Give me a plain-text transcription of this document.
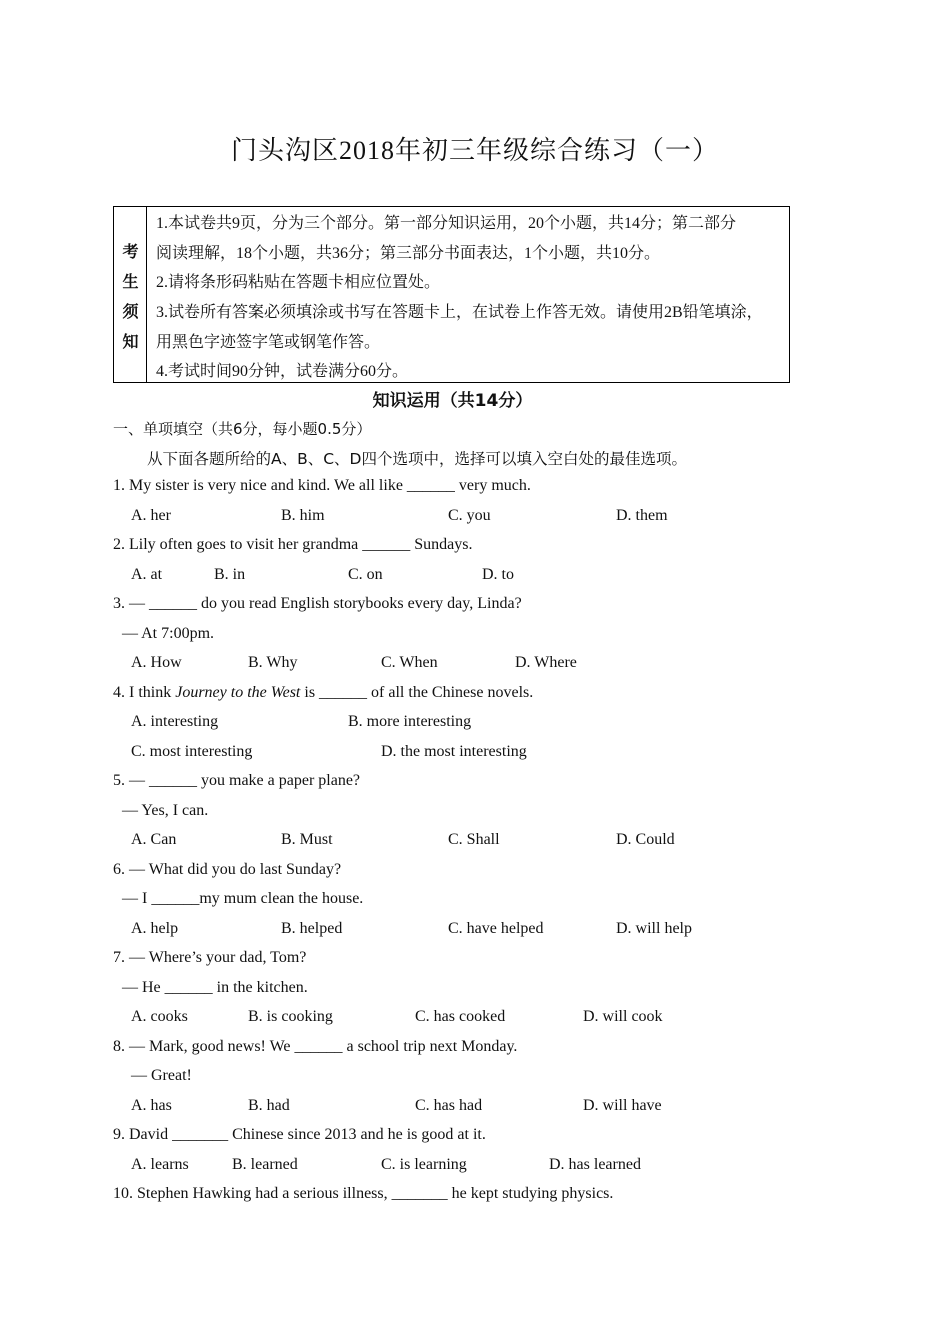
门头沟区2018年初三年级综合练习（一）
考
生
须
知
1.本试卷共9页，分为三个部分。第一部分知识运用，20个小题，共14分；第二部分
阅读理解，18个小题，共36分；第三部分书面表达，1个小题，共10分。
2.请将条形码粘贴在答题卡相应位置处。
3.试卷所有答案必须填涂或书写在答题卡上，在试卷上作答无效。请使用2B铅笔填涂，
用黑色字迹签字笔或钢笔作答。
4.考试时间90分钟，试卷满分60分。
知识运用（共14分）
一、单项填空（共6分，每小题0.5分）
从下面各题所给的A、B、C、D四个选项中，选择可以填入空白处的最佳选项。
1. My sister is very nice and kind. We all like ______ very much.
A. her	B. him	C. you	D. them
2. Lily often goes to visit her grandma ______ Sundays.
A. at	B. in	C. on	D. to
3. — ______ do you read English storybooks every day, Linda?
— At 7:00pm.
A. How	B. Why	C. When	D. Where
4. I think Journey to the West is ______ of all the Chinese novels.
A. interesting	B. more interesting
C. most interesting	D. the most interesting
5. — ______ you make a paper plane?
— Yes, I can.
A. Can	B. Must	C. Shall	D. Could
6. — What did you do last Sunday?
— I ______my mum clean the house.
A. help	B. helped	C. have helped	D. will help
7. — Where’s your dad, Tom?
— He ______ in the kitchen.
A. cooks	B. is cooking	C. has cooked	D. will cook
8. — Mark, good news! We ______ a school trip next Monday.
— Great!
A. has	B. had	C. has had	D. will have
9. David _______ Chinese since 2013 and he is good at it.
A. learns	B. learned	C. is learning	D. has learned
10. Stephen Hawking had a serious illness, _______ he kept studying physics.
